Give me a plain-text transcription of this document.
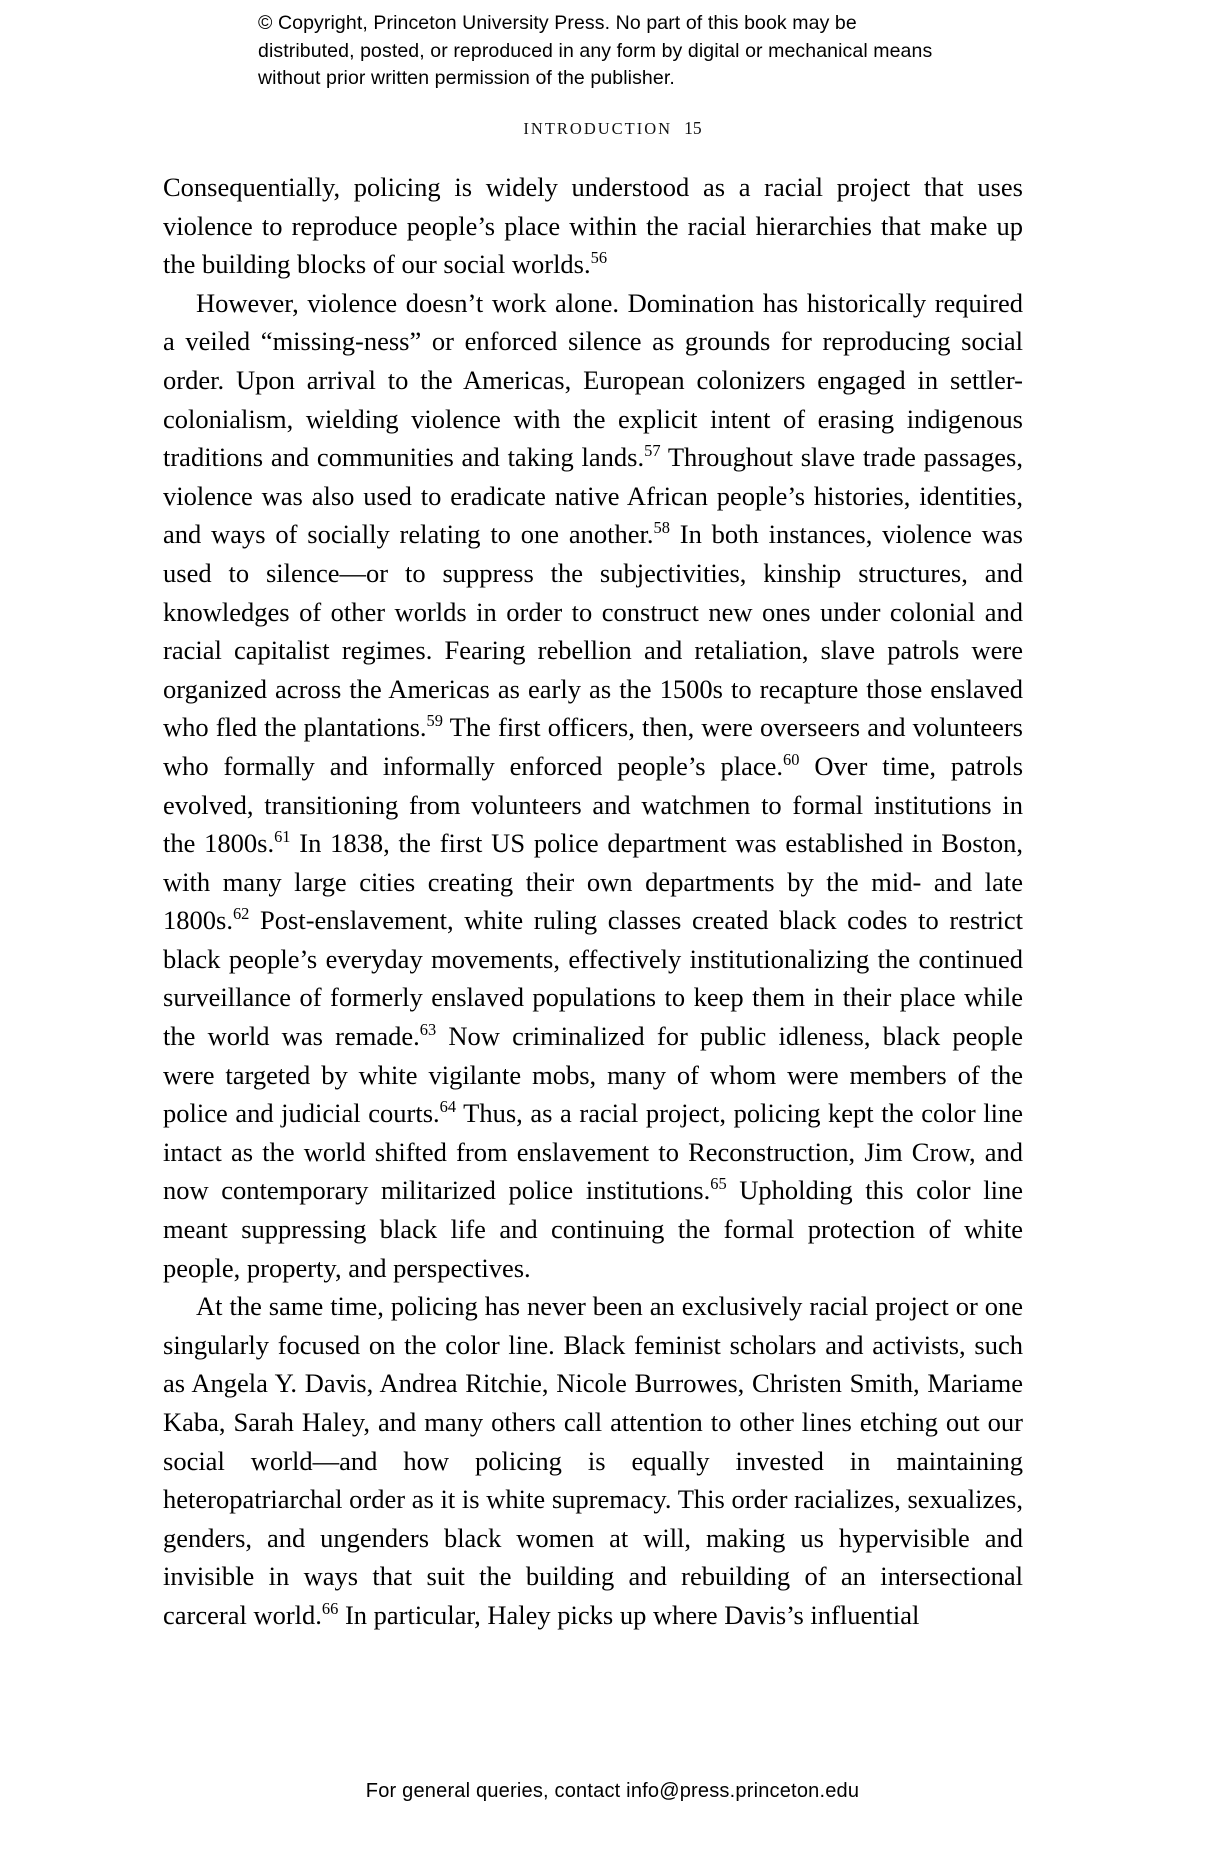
© Copyright, Princeton University Press. No part of this book may be distributed, posted, or reproduced in any form by digital or mechanical means without prior written permission of the publisher.
INTRODUCTION 15

Consequentially, policing is widely understood as a racial project that uses violence to reproduce people’s place within the racial hierarchies that make up the building blocks of our social worlds.$^{56}$

However, violence doesn’t work alone. Domination has historically required a veiled “missing-ness” or enforced silence as grounds for reproducing social order. Upon arrival to the Americas, European colonizers engaged in settler-colonialism, wielding violence with the explicit intent of erasing indigenous traditions and communities and taking lands.$^{57}$ Throughout slave trade passages, violence was also used to eradicate native African people’s histories, identities, and ways of socially relating to one another.$^{58}$ In both instances, violence was used to silence—or to suppress the subjectivities, kinship structures, and knowledges of other worlds in order to construct new ones under colonial and racial capitalist regimes. Fearing rebellion and retaliation, slave patrols were organized across the Americas as early as the 1500s to recapture those enslaved who fled the plantations.$^{59}$ The first officers, then, were overseers and volunteers who formally and informally enforced people’s place.$^{60}$ Over time, patrols evolved, transitioning from volunteers and watchmen to formal institutions in the 1800s.$^{61}$ In 1838, the first US police department was established in Boston, with many large cities creating their own departments by the mid- and late 1800s.$^{62}$ Post-enslavement, white ruling classes created black codes to restrict black people’s everyday movements, effectively institutionalizing the continued surveillance of formerly enslaved populations to keep them in their place while the world was remade.$^{63}$ Now criminalized for public idleness, black people were targeted by white vigilante mobs, many of whom were members of the police and judicial courts.$^{64}$ Thus, as a racial project, policing kept the color line intact as the world shifted from enslavement to Reconstruction, Jim Crow, and now contemporary militarized police institutions.$^{65}$ Upholding this color line meant suppressing black life and continuing the formal protection of white people, property, and perspectives.

At the same time, policing has never been an exclusively racial project or one singularly focused on the color line. Black feminist scholars and activists, such as Angela Y. Davis, Andrea Ritchie, Nicole Burrowes, Christen Smith, Mariame Kaba, Sarah Haley, and many others call attention to other lines etching out our social world—and how policing is equally invested in maintaining heteropatriarchal order as it is white supremacy. This order racializes, sexualizes, genders, and ungenders black women at will, making us hypervisible and invisible in ways that suit the building and rebuilding of an intersectional carceral world.$^{66}$ In particular, Haley picks up where Davis’s influential

For general queries, contact info@press.princeton.edu
